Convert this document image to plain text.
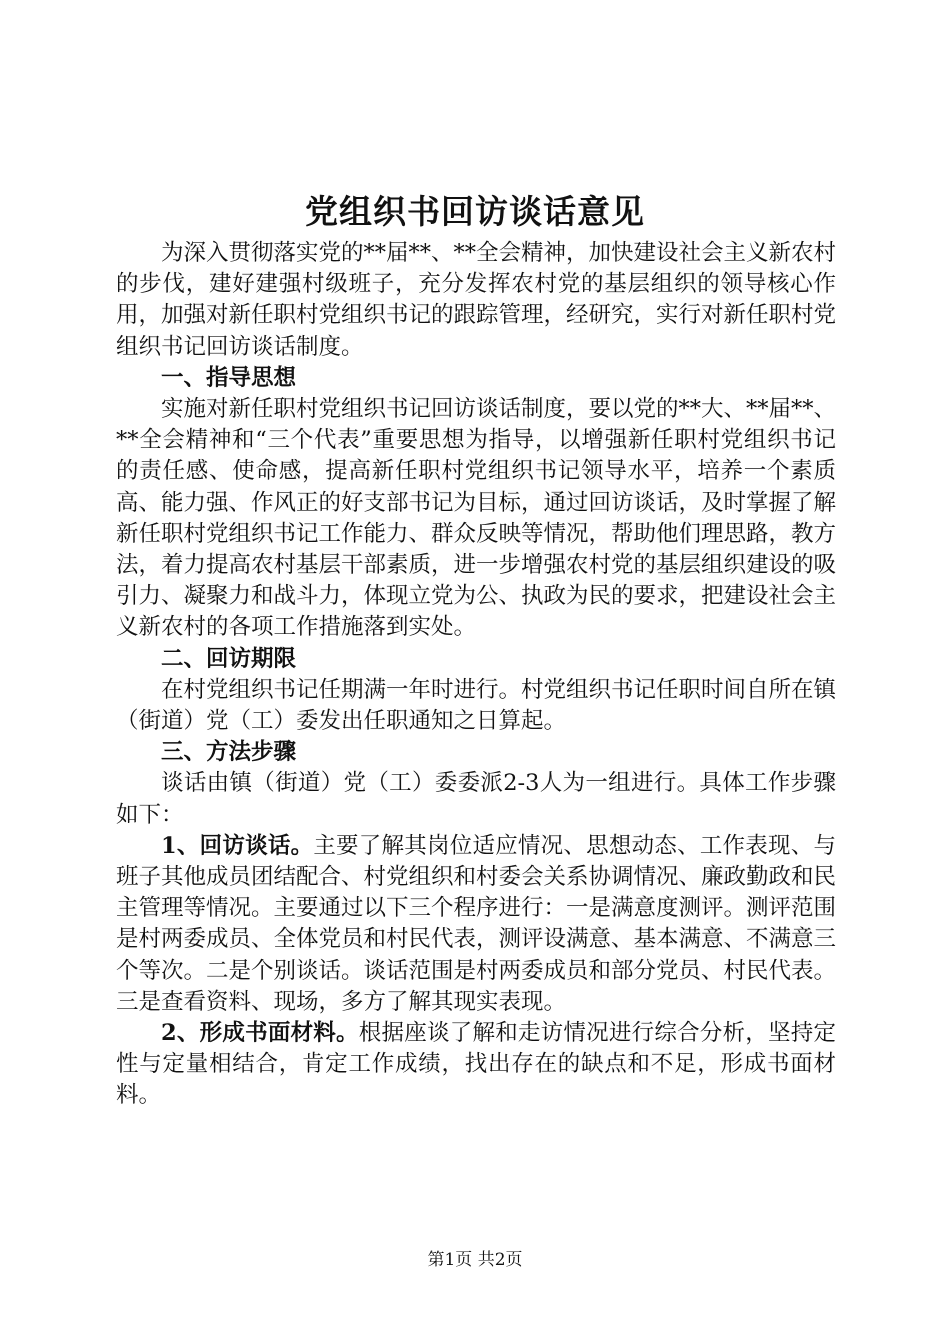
党组织书回访谈话意见

为深入贯彻落实党的**届**、**全会精神，加快建设社会主义新农村的步伐，建好建强村级班子，充分发挥农村党的基层组织的领导核心作用，加强对新任职村党组织书记的跟踪管理，经研究，实行对新任职村党组织书记回访谈话制度。

一、指导思想

实施对新任职村党组织书记回访谈话制度，要以党的**大、**届**、**全会精神和“三个代表”重要思想为指导，以增强新任职村党组织书记的责任感、使命感，提高新任职村党组织书记领导水平，培养一个素质高、能力强、作风正的好支部书记为目标，通过回访谈话，及时掌握了解新任职村党组织书记工作能力、群众反映等情况，帮助他们理思路，教方法，着力提高农村基层干部素质，进一步增强农村党的基层组织建设的吸引力、凝聚力和战斗力，体现立党为公、执政为民的要求，把建设社会主义新农村的各项工作措施落到实处。

二、回访期限

在村党组织书记任期满一年时进行。村党组织书记任职时间自所在镇（街道）党（工）委发出任职通知之日算起。

三、方法步骤

谈话由镇（街道）党（工）委委派2-3人为一组进行。具体工作步骤如下：

1、回访谈话。主要了解其岗位适应情况、思想动态、工作表现、与班子其他成员团结配合、村党组织和村委会关系协调情况、廉政勤政和民主管理等情况。主要通过以下三个程序进行：一是满意度测评。测评范围是村两委成员、全体党员和村民代表，测评设满意、基本满意、不满意三个等次。二是个别谈话。谈话范围是村两委成员和部分党员、村民代表。三是查看资料、现场，多方了解其现实表现。

2、形成书面材料。根据座谈了解和走访情况进行综合分析，坚持定性与定量相结合，肯定工作成绩，找出存在的缺点和不足，形成书面材料。

第1页 共2页
